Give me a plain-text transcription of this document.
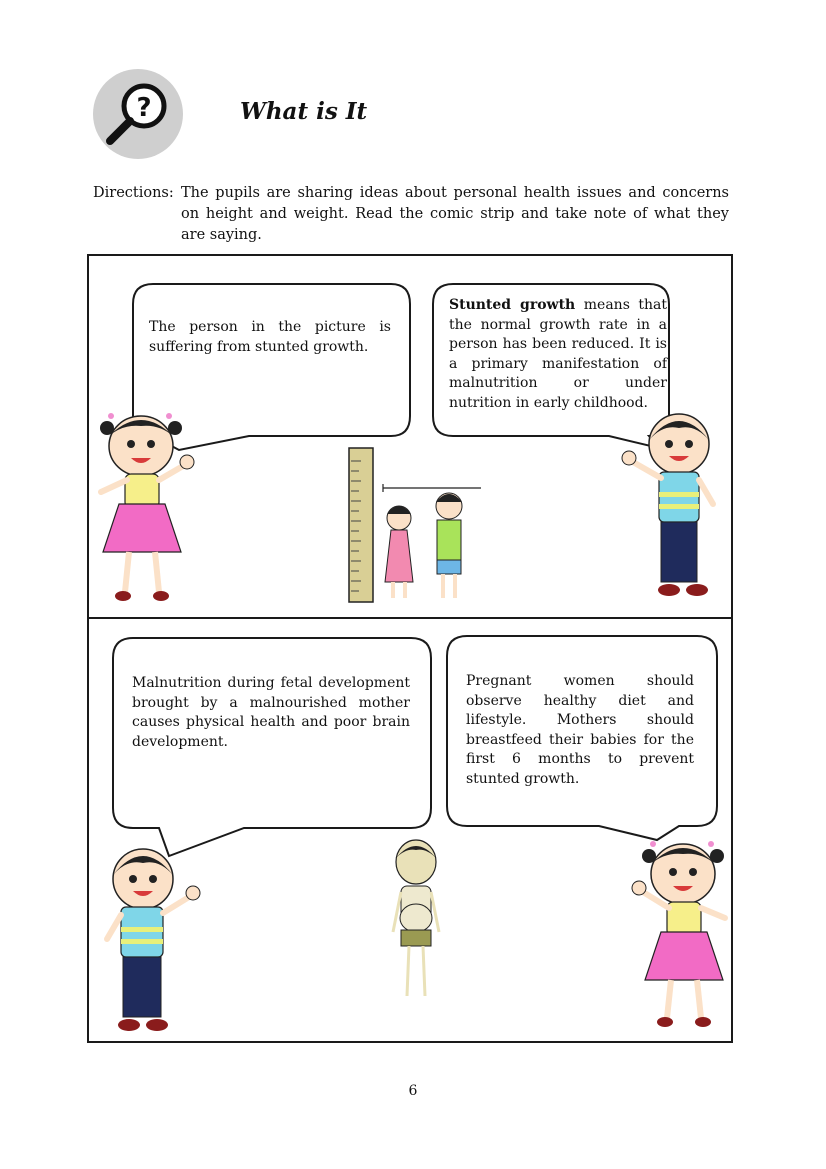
?	What is It
Directions: The pupils are sharing ideas about personal health issues and concerns on height and weight. Read the comic strip and take note of what they are saying.
The person in the picture is suffering from stunted growth.
Stunted growth means that the normal growth rate in a person has been reduced. It is a primary manifestation of malnutrition or under nutrition in early childhood.
Malnutrition during fetal development brought by a malnourished mother causes physical health and poor brain development.
Pregnant women should observe healthy diet and lifestyle. Mothers should breastfeed their babies for the first 6 months to prevent stunted growth.
6
